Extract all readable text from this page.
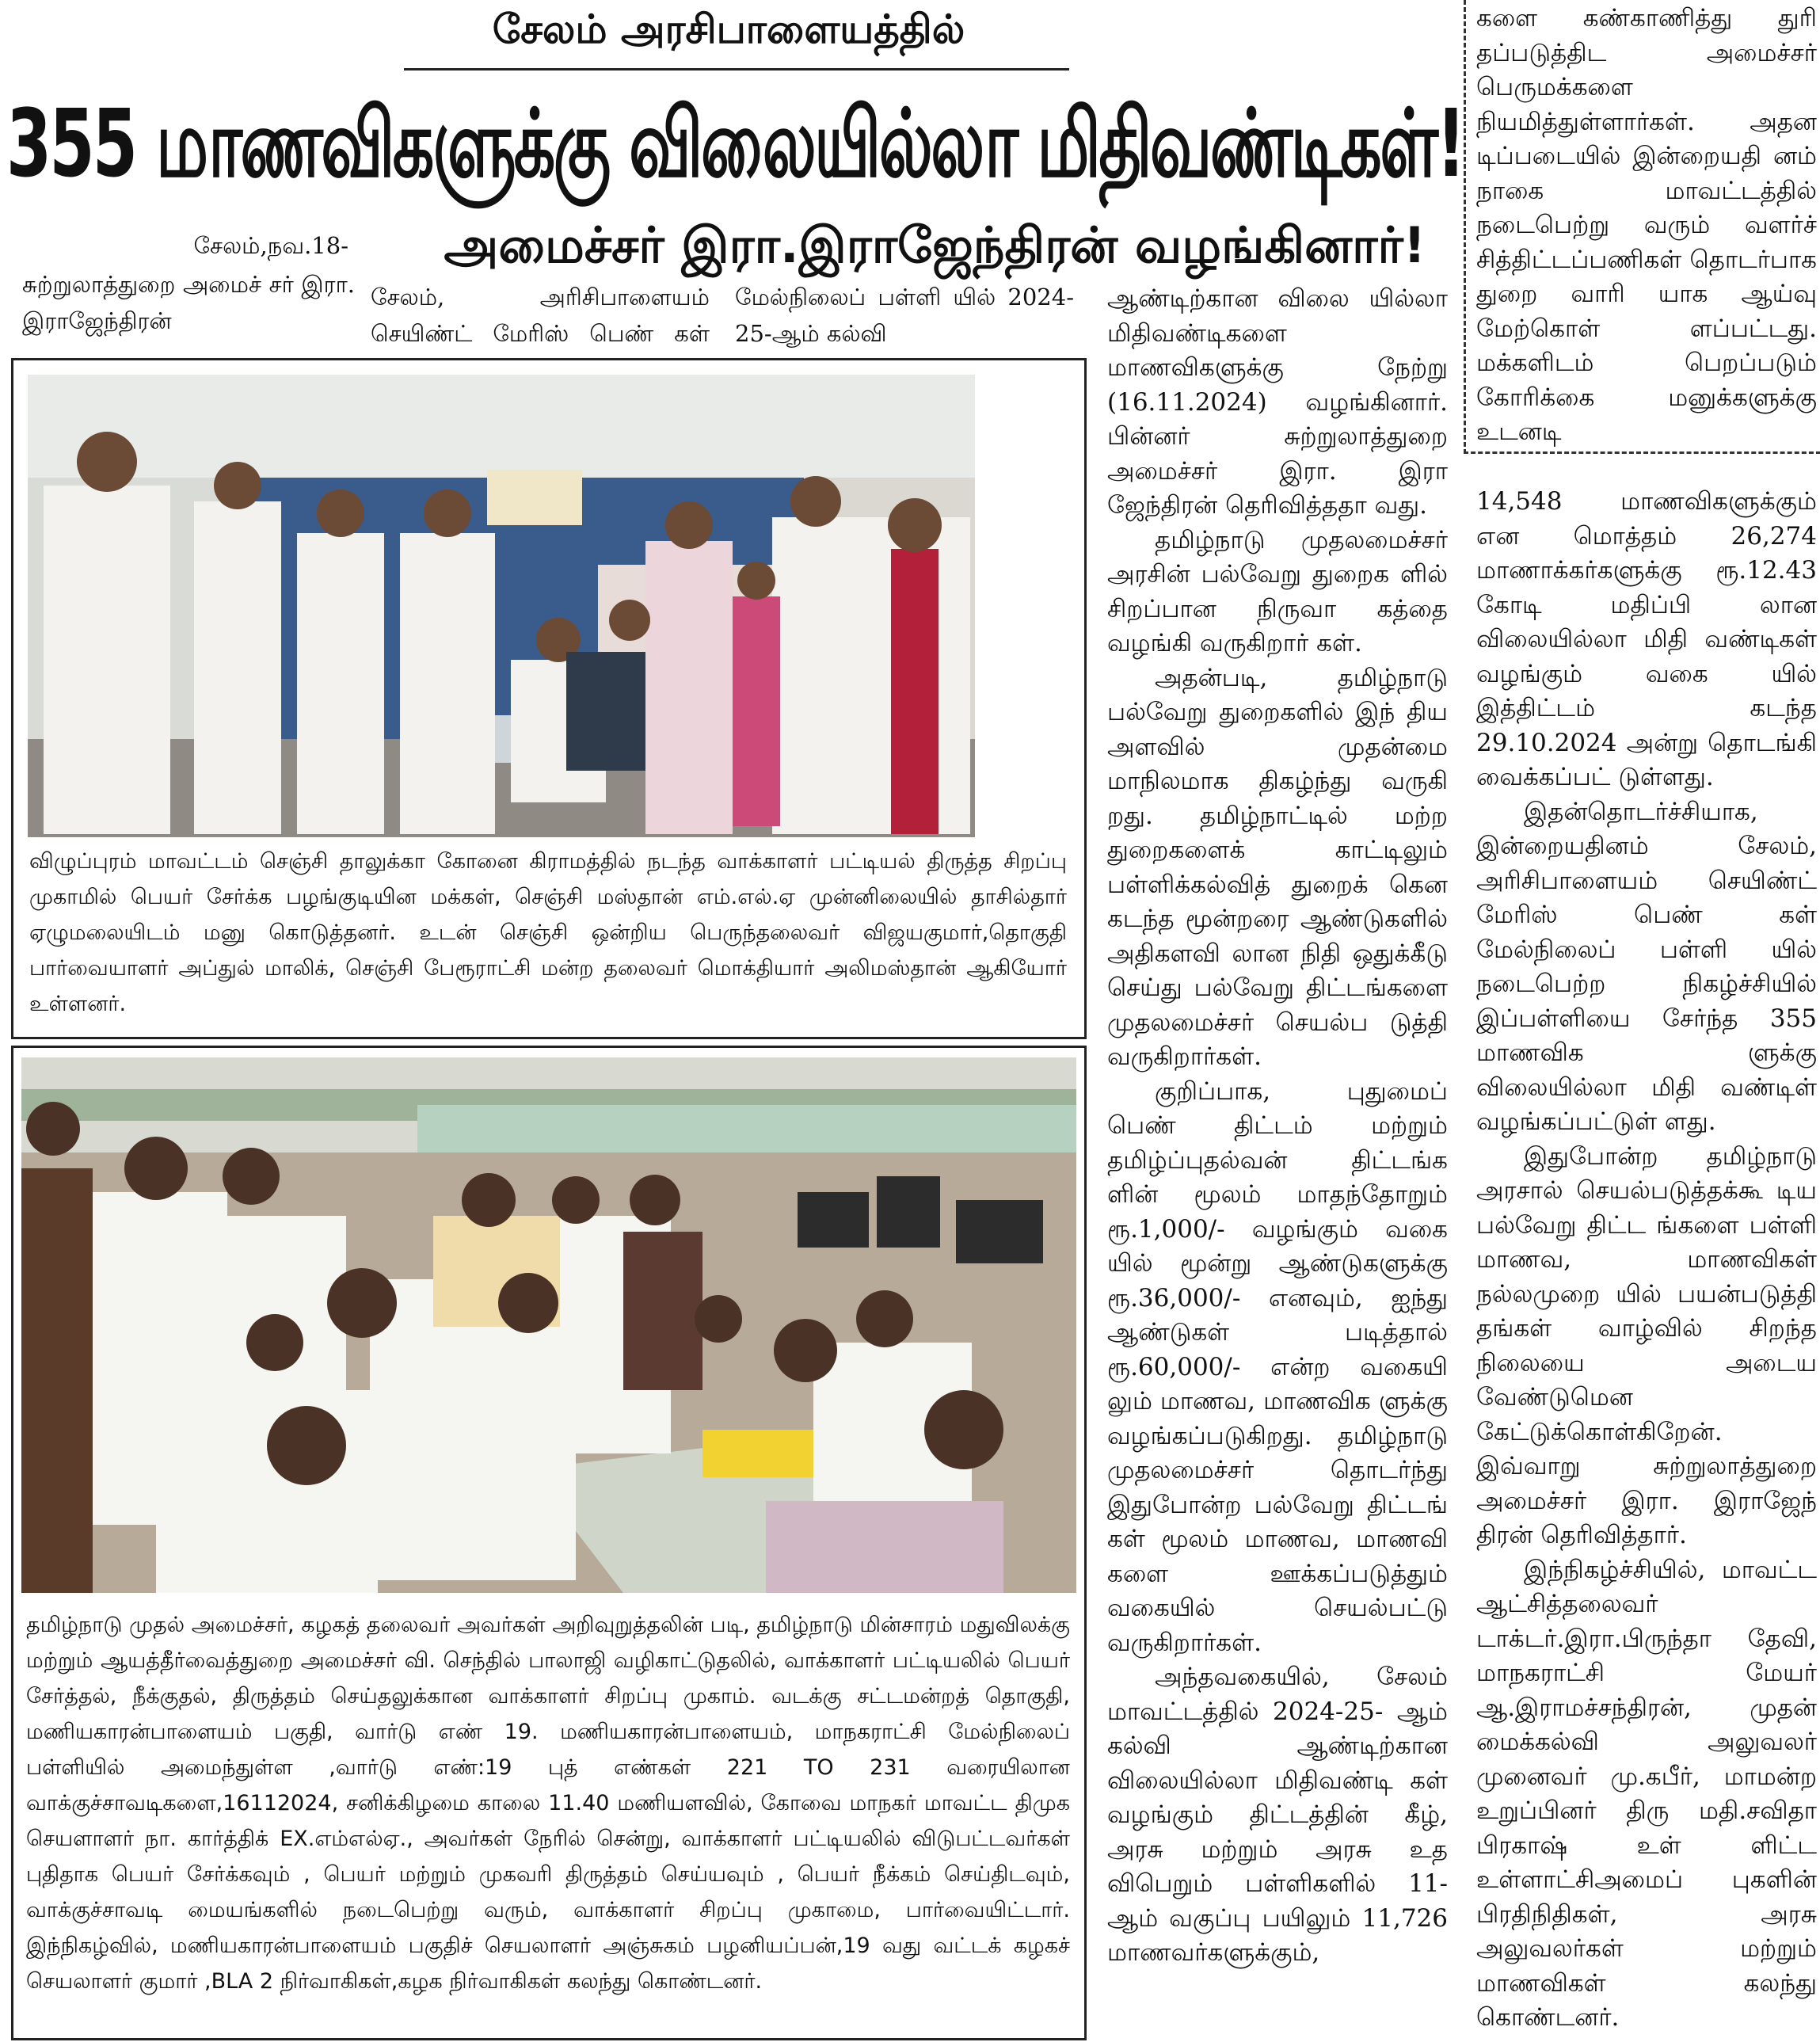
சேலம் அரசிபாளையத்தில்
355 மாணவிகளுக்கு விலையில்லா மிதிவண்டிகள்!
அமைச்சர் இரா.இராஜேந்திரன் வழங்கினார்!
சேலம்,நவ.18-
சுற்றுலாத்துறை அமைச் சர் இரா. இராஜேந்திரன்
சேலம், அரிசிபாளையம் செயிண்ட் மேரிஸ் பெண் கள் மேல்நிலைப் பள்ளி யில் 2024-25-ஆம் கல்வி

களை கண்காணித்து துரி தப்படுத்திட அமைச்சர் பெருமக்களை நியமித்துள்ளார்கள். அதன டிப்படையில் இன்றையதி னம் நாகை மாவட்டத்தில் நடைபெற்று வரும் வளர்ச் சித்திட்டப்பணிகள் தொடர்பாக துறை வாரி யாக ஆய்வு மேற்கொள் ளப்பட்டது. மக்களிடம் பெறப்படும் கோரிக்கை மனுக்களுக்கு உடனடி

விழுப்புரம் மாவட்டம் செஞ்சி தாலுக்கா கோனை கிராமத்தில் நடந்த வாக்காளர் பட்டியல் திருத்த சிறப்பு முகாமில் பெயர் சேர்க்க பழங்குடியின மக்கள், செஞ்சி மஸ்தான் எம்.எல்.ஏ முன்னிலையில் தாசில்தார் ஏழுமலையிடம் மனு கொடுத்தனர். உடன் செஞ்சி ஒன்றிய பெருந்தலைவர் விஜயகுமார்,தொகுதி பார்வையாளர் அப்துல் மாலிக், செஞ்சி பேரூராட்சி மன்ற தலைவர் மொக்தியார் அலிமஸ்தான் ஆகியோர் உள்ளனர்.
தமிழ்நாடு முதல் அமைச்சர், கழகத் தலைவர் அவர்கள் அறிவுறுத்தலின் படி, தமிழ்நாடு மின்சாரம் மதுவிலக்கு மற்றும் ஆயத்தீர்வைத்துறை அமைச்சர் வி. செந்தில் பாலாஜி வழிகாட்டுதலில், வாக்காளர் பட்டியலில் பெயர் சேர்த்தல், நீக்குதல், திருத்தம் செய்தலுக்கான வாக்காளர் சிறப்பு முகாம். வடக்கு சட்டமன்றத் தொகுதி, மணியகாரன்பாளையம் பகுதி, வார்டு எண் 19. மணியகாரன்பாளையம், மாநகராட்சி மேல்நிலைப் பள்ளியில் அமைந்துள்ள ,வார்டு எண்:19 புத் எண்கள் 221 TO 231 வரையிலான வாக்குச்சாவடிகளை,16112024, சனிக்கிழமை காலை 11.40 மணியளவில், கோவை மாநகர் மாவட்ட திமுக செயளாளர் நா. கார்த்திக் EX.எம்எல்ஏ., அவர்கள் நேரில் சென்று, வாக்காளர் பட்டியலில் விடுபட்டவர்கள் புதிதாக பெயர் சேர்க்கவும் , பெயர் மற்றும் முகவரி திருத்தம் செய்யவும் , பெயர் நீக்கம் செய்திடவும், வாக்குச்சாவடி மையங்களில் நடைபெற்று வரும், வாக்காளர் சிறப்பு முகாமை, பார்வையிட்டார். இந்நிகழ்வில், மணியகாரன்பாளையம் பகுதிச் செயலாளர் அஞ்சுகம் பழனியப்பன்,19 வது வட்டக் கழகச் செயலாளர் குமார் ,BLA 2 நிர்வாகிகள்,கழக நிர்வாகிகள் கலந்து கொண்டனர்.

ஆண்டிற்கான விலை யில்லா மிதிவண்டிகளை மாணவிகளுக்கு நேற்று (16.11.2024) வழங்கினார். பின்னர் சுற்றுலாத்துறை அமைச்சர் இரா. இரா ஜேந்திரன் தெரிவித்ததா வது.

தமிழ்நாடு முதலமைச்சர் அரசின் பல்வேறு துறைக ளில் சிறப்பான நிருவா கத்தை வழங்கி வருகிறார் கள்.

அதன்படி, தமிழ்நாடு பல்வேறு துறைகளில் இந் திய அளவில் முதன்மை மாநிலமாக திகழ்ந்து வருகி றது. தமிழ்நாட்டில் மற்ற துறைகளைக் காட்டிலும் பள்ளிக்கல்வித் துறைக் கென கடந்த மூன்றரை ஆண்டுகளில் அதிகளவி லான நிதி ஒதுக்கீடு செய்து பல்வேறு திட்டங்களை முதலமைச்சர் செயல்ப டுத்தி வருகிறார்கள்.

குறிப்பாக, புதுமைப் பெண் திட்டம் மற்றும் தமிழ்ப்புதல்வன் திட்டங்க ளின் மூலம் மாதந்தோறும் ரூ.1,000/- வழங்கும் வகை யில் மூன்று ஆண்டுகளுக்கு ரூ.36,000/- எனவும், ஐந்து ஆண்டுகள் படித்தால் ரூ.60,000/- என்ற வகையி லும் மாணவ, மாணவிக ளுக்கு வழங்கப்படுகிறது. தமிழ்நாடு முதலமைச்சர் தொடர்ந்து இதுபோன்ற பல்வேறு திட்டங் கள் மூலம் மாணவ, மாணவி களை ஊக்கப்படுத்தும் வகையில் செயல்பட்டு வருகிறார்கள்.

அந்தவகையில், சேலம் மாவட்டத்தில் 2024-25- ஆம் கல்வி ஆண்டிற்கான விலையில்லா மிதிவண்டி கள் வழங்கும் திட்டத்தின் கீழ், அரசு மற்றும் அரசு உத விபெறும் பள்ளிகளில் 11- ஆம் வகுப்பு பயிலும் 11,726 மாணவர்களுக்கும்,

14,548 மாணவிகளுக்கும் என மொத்தம் 26,274 மாணாக்கர்களுக்கு ரூ.12.43 கோடி மதிப்பி லான விலையில்லா மிதி வண்டிகள் வழங்கும் வகை யில் இத்திட்டம் கடந்த 29.10.2024 அன்று தொடங்கி வைக்கப்பட் டுள்ளது.

இதன்தொடர்ச்சியாக, இன்றையதினம் சேலம், அரிசிபாளையம் செயிண்ட் மேரிஸ் பெண் கள் மேல்நிலைப் பள்ளி யில் நடைபெற்ற நிகழ்ச்சியில் இப்பள்ளியை சேர்ந்த 355 மாணவிக ளுக்கு விலையில்லா மிதி வண்டிள் வழங்கப்பட்டுள் ளது.

இதுபோன்ற தமிழ்நாடு அரசால் செயல்படுத்தக்கூ டிய பல்வேறு திட்ட ங்களை பள்ளி மாணவ, மாணவிகள் நல்லமுறை யில் பயன்படுத்தி தங்கள் வாழ்வில் சிறந்த நிலையை அடைய வேண்டுமென கேட்டுக்கொள்கிறேன். இவ்வாறு சுற்றுலாத்துறை அமைச்சர் இரா. இராஜேந் திரன் தெரிவித்தார்.

இந்நிகழ்ச்சியில், மாவட்ட ஆட்சித்தலைவர் டாக்டர்.இரா.பிருந்தா தேவி, மாநகராட்சி மேயர் ஆ.இராமச்சந்திரன், முதன் மைக்கல்வி அலுவலர் முனைவர் மு.கபீர், மாமன்ற உறுப்பினர் திரு மதி.சவிதா பிரகாஷ் உள் ளிட்ட உள்ளாட்சிஅமைப் புகளின் பிரதிநிதிகள், அரசு அலுவலர்கள் மற்றும் மாணவிகள் கலந்து கொண்டனர்.
